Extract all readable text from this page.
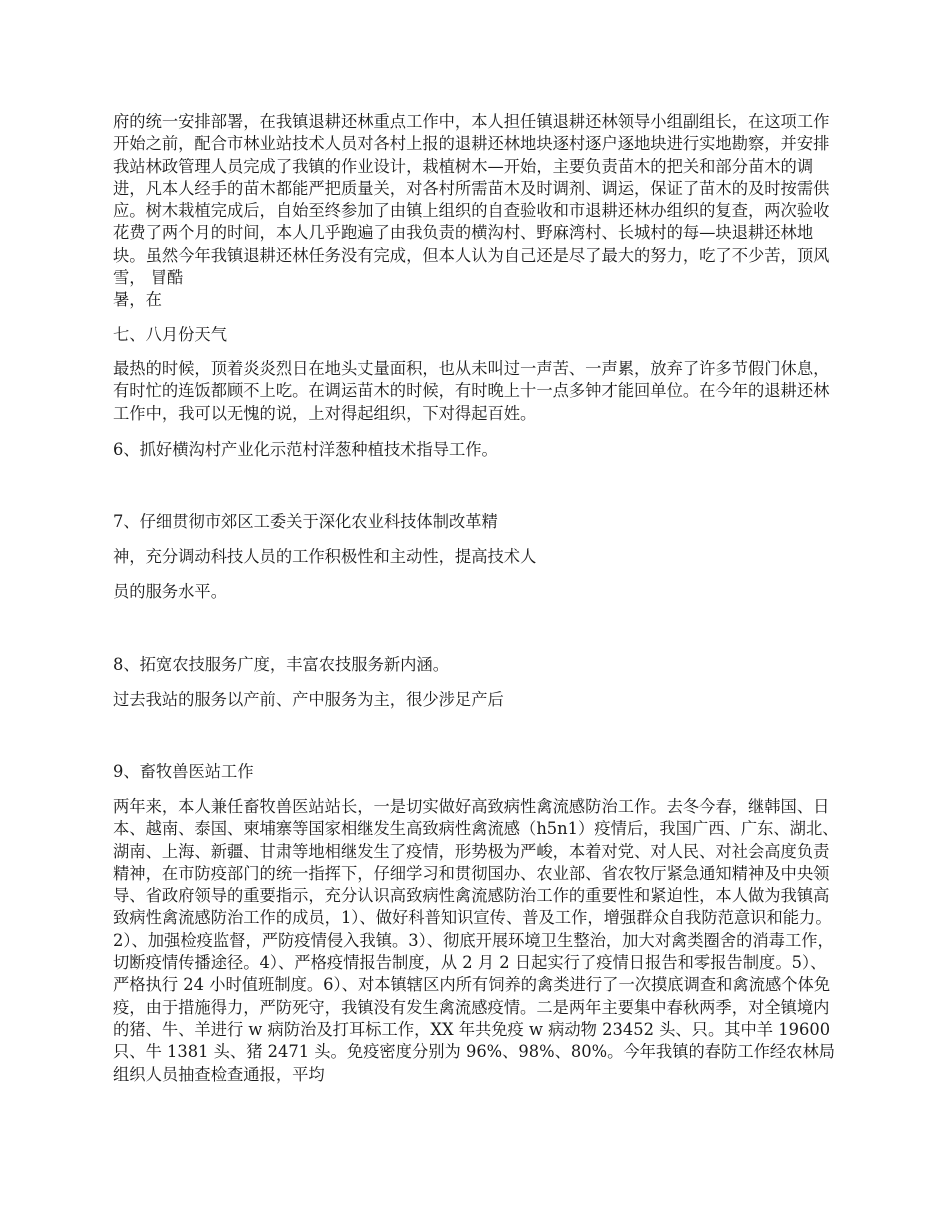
府的统一安排部署，在我镇退耕还林重点工作中，本人担任镇退耕还林领导小组副组长，在这项工作开始之前，配合市林业站技术人员对各村上报的退耕还林地块逐村逐户逐地块进行实地勘察，并安排我站林政管理人员完成了我镇的作业设计，栽植树木—开始，主要负责苗木的把关和部分苗木的调进，凡本人经手的苗木都能严把质量关，对各村所需苗木及时调剂、调运，保证了苗木的及时按需供应。树木栽植完成后，自始至终参加了由镇上组织的自查验收和市退耕还林办组织的复查，两次验收花费了两个月的时间，本人几乎跑遍了由我负责的横沟村、野麻湾村、长城村的每—块退耕还林地块。虽然今年我镇退耕还林任务没有完成，但本人认为自己还是尽了最大的努力，吃了不少苦，顶风雪， 冒酷
暑，在

七、八月份天气

最热的时候，顶着炎炎烈日在地头丈量面积，也从未叫过一声苦、一声累，放弃了许多节假门休息，有时忙的连饭都顾不上吃。在调运苗木的时候，有时晚上十一点多钟才能回单位。在今年的退耕还林工作中，我可以无愧的说，上对得起组织，下对得起百姓。

6、抓好横沟村产业化示范村洋葱种植技术指导工作。

7、仔细贯彻市郊区工委关于深化农业科技体制改革精

神，充分调动科技人员的工作积极性和主动性，提高技术人

员的服务水平。

8、拓宽农技服务广度，丰富农技服务新内涵。

过去我站的服务以产前、产中服务为主，很少涉足产后

9、畜牧兽医站工作

两年来，本人兼任畜牧兽医站站长，一是切实做好高致病性禽流感防治工作。去冬今春，继韩国、日本、越南、泰国、柬埔寨等国家相继发生高致病性禽流感（h5n1）疫情后，我国广西、广东、湖北、湖南、上海、新疆、甘肃等地相继发生了疫情，形势极为严峻，本着对党、对人民、对社会高度负责精神，在市防疫部门的统一指挥下，仔细学习和贯彻国办、农业部、省农牧厅紧急通知精神及中央领导、省政府领导的重要指示，充分认识高致病性禽流感防治工作的重要性和紧迫性，本人做为我镇高致病性禽流感防治工作的成员，1）、做好科普知识宣传、普及工作，增强群众自我防范意识和能力。2）、加强检疫监督，严防疫情侵入我镇。3）、彻底开展环境卫生整治，加大对禽类圈舍的消毒工作，切断疫情传播途径。4）、严格疫情报告制度，从 2 月 2 日起实行了疫情日报告和零报告制度。5）、严格执行 24 小时值班制度。6）、对本镇辖区内所有饲养的禽类进行了一次摸底调查和禽流感个体免疫，由于措施得力，严防死守，我镇没有发生禽流感疫情。二是两年主要集中春秋两季，对全镇境内的猪、牛、羊进行 w 病防治及打耳标工作，XX 年共免疫 w 病动物 23452 头、只。其中羊 19600 只、牛 1381 头、猪 2471 头。免疫密度分别为 96%、98%、80%。今年我镇的春防工作经农林局组织人员抽查检查通报，平均
